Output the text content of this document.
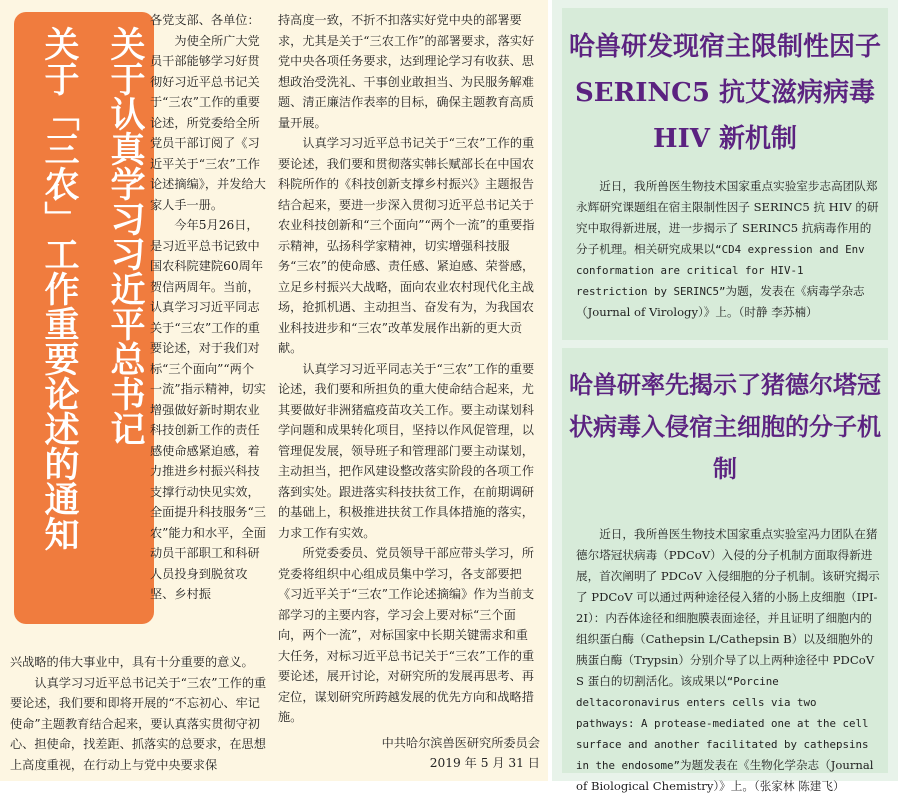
关于认真学习习近平总书记
关于「三农」工作重要论述的通知

各党支部、各单位：

为使全所广大党员干部能够学习好贯彻好习近平总书记关于“三农”工作的重要论述，所党委给全所党员干部订阅了《习近平关于“三农”工作论述摘编》，并发给大家人手一册。

今年5月26日，是习近平总书记致中国农科院建院60周年贺信两周年。当前，认真学习习近平同志关于“三农”工作的重要论述，对于我们对标“三个面向”“两个一流”指示精神，切实增强做好新时期农业科技创新工作的责任感使命感紧迫感，着力推进乡村振兴科技支撑行动快见实效，全面提升科技服务“三农”能力和水平，全面动员干部职工和科研人员投身到脱贫攻坚、乡村振

兴战略的伟大事业中，具有十分重要的意义。

认真学习习近平总书记关于“三农”工作的重要论述，我们要和即将开展的“不忘初心、牢记使命”主题教育结合起来，要认真落实贯彻守初心、担使命，找差距、抓落实的总要求，在思想上高度重视，在行动上与党中央要求保

持高度一致，不折不扣落实好党中央的部署要求，尤其是关于“三农工作”的部署要求，落实好党中央各项任务要求，达到理论学习有收获、思想政治受洗礼、干事创业敢担当、为民服务解难题、清正廉洁作表率的目标，确保主题教育高质量开展。

认真学习习近平总书记关于“三农”工作的重要论述，我们要和贯彻落实韩长赋部长在中国农科院所作的《科技创新支撑乡村振兴》主题报告结合起来，要进一步深入贯彻习近平总书记关于农业科技创新和“三个面向”“两个一流”的重要指示精神，弘扬科学家精神，切实增强科技服务“三农”的使命感、责任感、紧迫感、荣誉感，立足乡村振兴大战略，面向农业农村现代化主战场，抢抓机遇、主动担当、奋发有为，为我国农业科技进步和“三农”改革发展作出新的更大贡献。

认真学习习近平同志关于“三农”工作的重要论述，我们要和所担负的重大使命结合起来，尤其要做好非洲猪瘟疫苗攻关工作。要主动谋划科学问题和成果转化项目，坚持以作风促管理，以管理促发展，领导班子和管理部门要主动谋划，主动担当，把作风建设整改落实阶段的各项工作落到实处。跟进落实科技扶贫工作，在前期调研的基础上，积极推进扶贫工作具体措施的落实，力求工作有实效。

所党委委员、党员领导干部应带头学习，所党委将组织中心组成员集中学习，各支部要把《习近平关于“三农”工作论述摘编》作为当前支部学习的主要内容，学习会上要对标“三个面向，两个一流”，对标国家中长期关键需求和重大任务，对标习近平总书记关于“三农”工作的重要论述，展开讨论，对研究所的发展再思考、再定位，谋划研究所跨越发展的优先方向和战略措施。

中共哈尔滨兽医研究所委员会
2019 年 5 月 31 日
哈兽研发现宿主限制性因子 SERINC5 抗艾滋病病毒 HIV 新机制
近日，我所兽医生物技术国家重点实验室步志高团队郑永辉研究课题组在宿主限制性因子 SERINC5 抗 HIV 的研究中取得新进展，进一步揭示了 SERINC5 抗病毒作用的分子机理。相关研究成果以“CD4 expression and Env conformation are critical for HIV-1 restriction by SERINC5”为题，发表在《病毒学杂志（Journal of Virology）》上。（时静 李苏楠）
哈兽研率先揭示了猪德尔塔冠状病毒入侵宿主细胞的分子机制
近日，我所兽医生物技术国家重点实验室冯力团队在猪德尔塔冠状病毒（PDCoV）入侵的分子机制方面取得新进展，首次阐明了 PDCoV 入侵细胞的分子机制。该研究揭示了 PDCoV 可以通过两种途径侵入猪的小肠上皮细胞（IPI-2I）：内吞体途径和细胞膜表面途径，并且证明了细胞内的组织蛋白酶（Cathepsin L/Cathepsin B）以及细胞外的胰蛋白酶（Trypsin）分别介导了以上两种途径中 PDCoV S 蛋白的切割活化。该成果以“Porcine deltacoronavirus enters cells via two pathways: A protease-mediated one at the cell surface and another facilitated by cathepsins in the endosome”为题发表在《生物化学杂志（Journal of Biological Chemistry）》上。（张家林 陈建飞）
